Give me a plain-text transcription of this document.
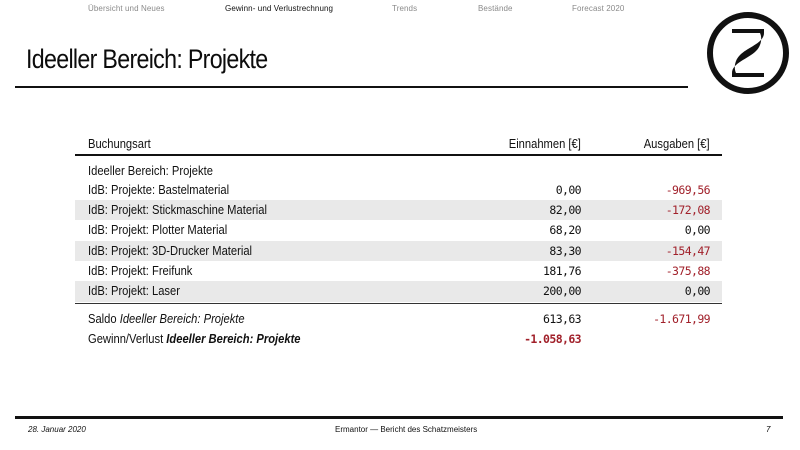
Übersicht und Neues	Gewinn- und Verlustrechnung	Trends	Bestände	Forecast 2020
Ideeller Bereich: Projekte
Buchungsart	Einnahmen [€]	Ausgaben [€]
Ideeller Bereich: Projekte
IdB: Projekte: Bastelmaterial	0,00	-969,56
IdB: Projekt: Stickmaschine Material	82,00	-172,08
IdB: Projekt: Plotter Material	68,20	0,00
IdB: Projekt: 3D-Drucker Material	83,30	-154,47
IdB: Projekt: Freifunk	181,76	-375,88
IdB: Projekt: Laser	200,00	0,00
Saldo Ideeller Bereich: Projekte	613,63	-1.671,99
Gewinn/Verlust Ideeller Bereich: Projekte	-1.058,63
28. Januar 2020	Ermantor — Bericht des Schatzmeisters	7
